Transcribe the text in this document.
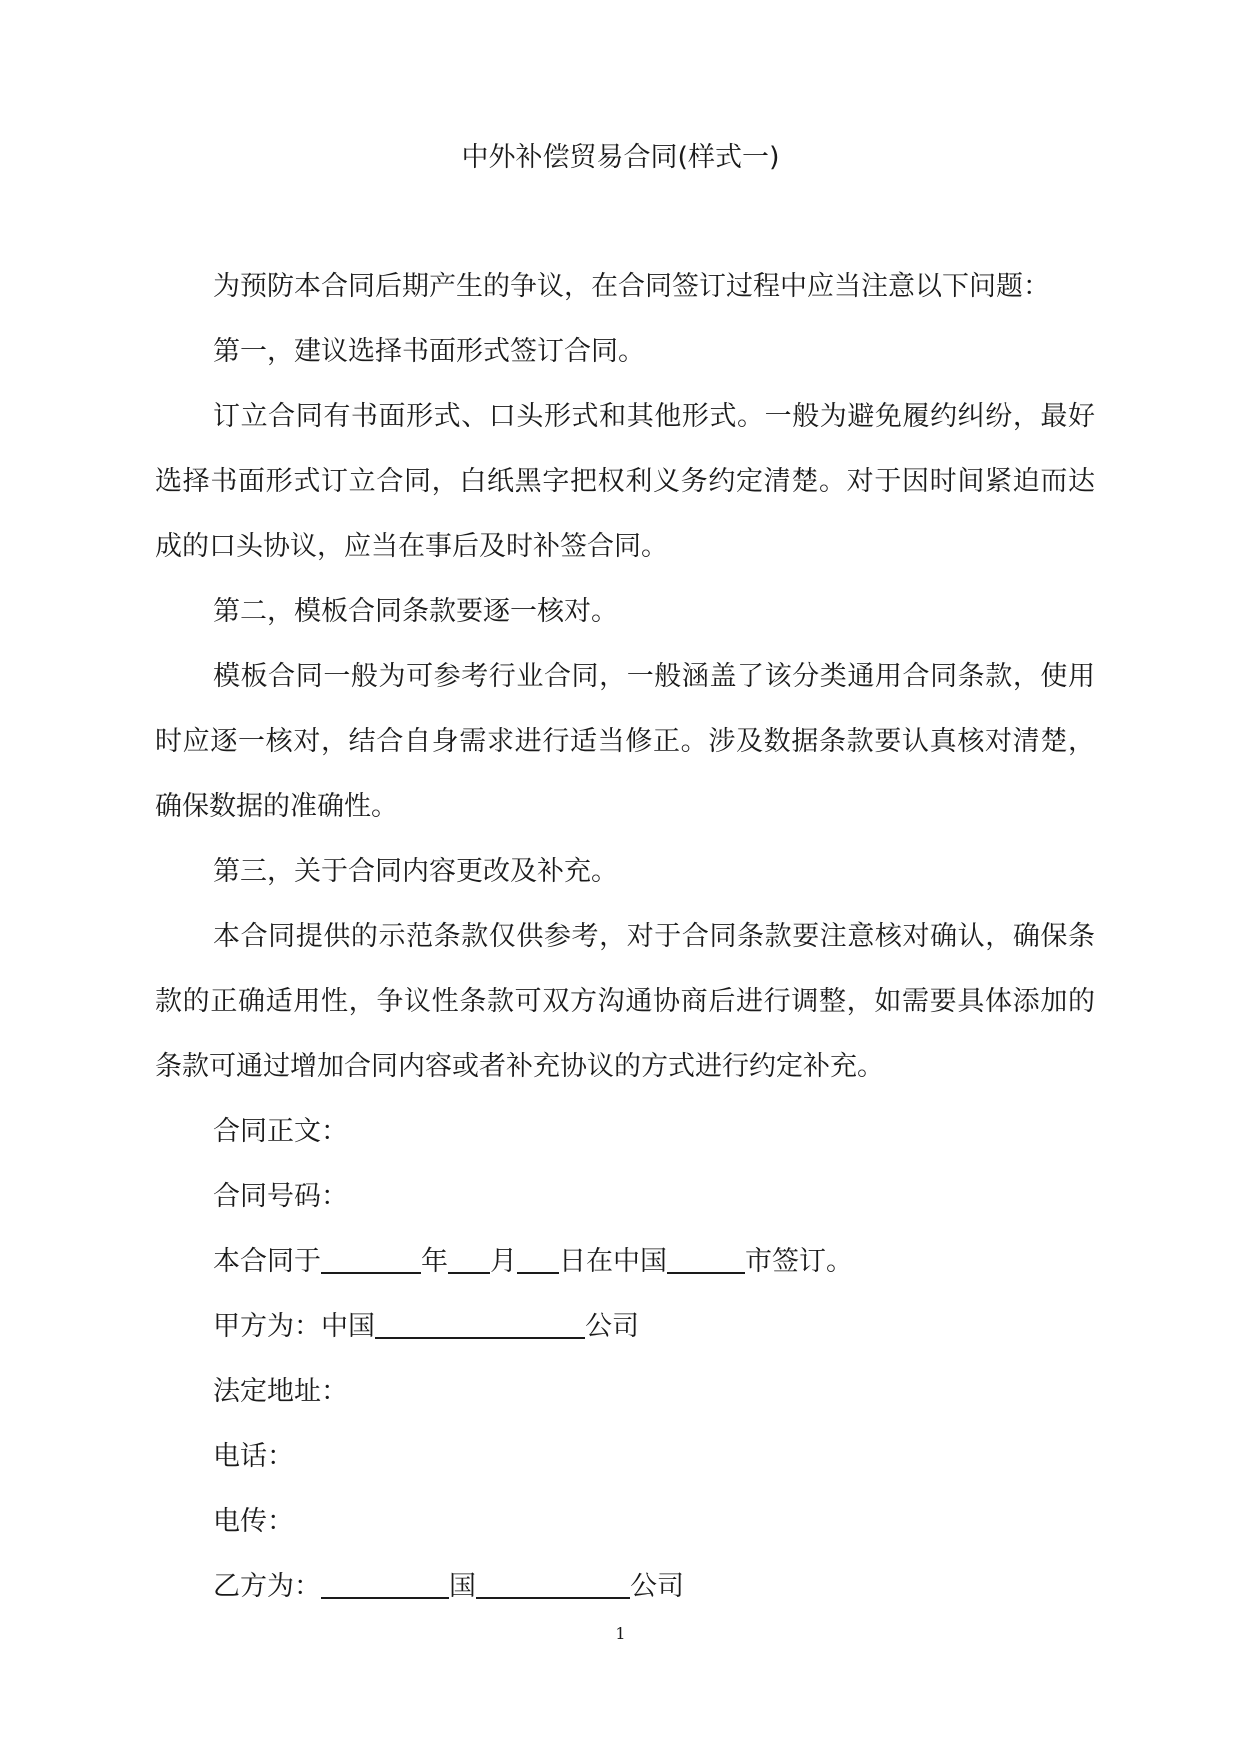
中外补偿贸易合同(样式一)

为预防本合同后期产生的争议，在合同签订过程中应当注意以下问题：

第一，建议选择书面形式签订合同。

订立合同有书面形式、口头形式和其他形式。一般为避免履约纠纷，最好选择书面形式订立合同，白纸黑字把权利义务约定清楚。对于因时间紧迫而达成的口头协议，应当在事后及时补签合同。

第二，模板合同条款要逐一核对。

模板合同一般为可参考行业合同，一般涵盖了该分类通用合同条款，使用时应逐一核对，结合自身需求进行适当修正。涉及数据条款要认真核对清楚，确保数据的准确性。

第三，关于合同内容更改及补充。

本合同提供的示范条款仅供参考，对于合同条款要注意核对确认，确保条款的正确适用性，争议性条款可双方沟通协商后进行调整，如需要具体添加的条款可通过增加合同内容或者补充协议的方式进行约定补充。

合同正文：

合同号码：

本合同于	年 月 日在中国	市签订。

甲方为：中国	公司

法定地址：

电话：

电传：

乙方为：	国	公司

1
